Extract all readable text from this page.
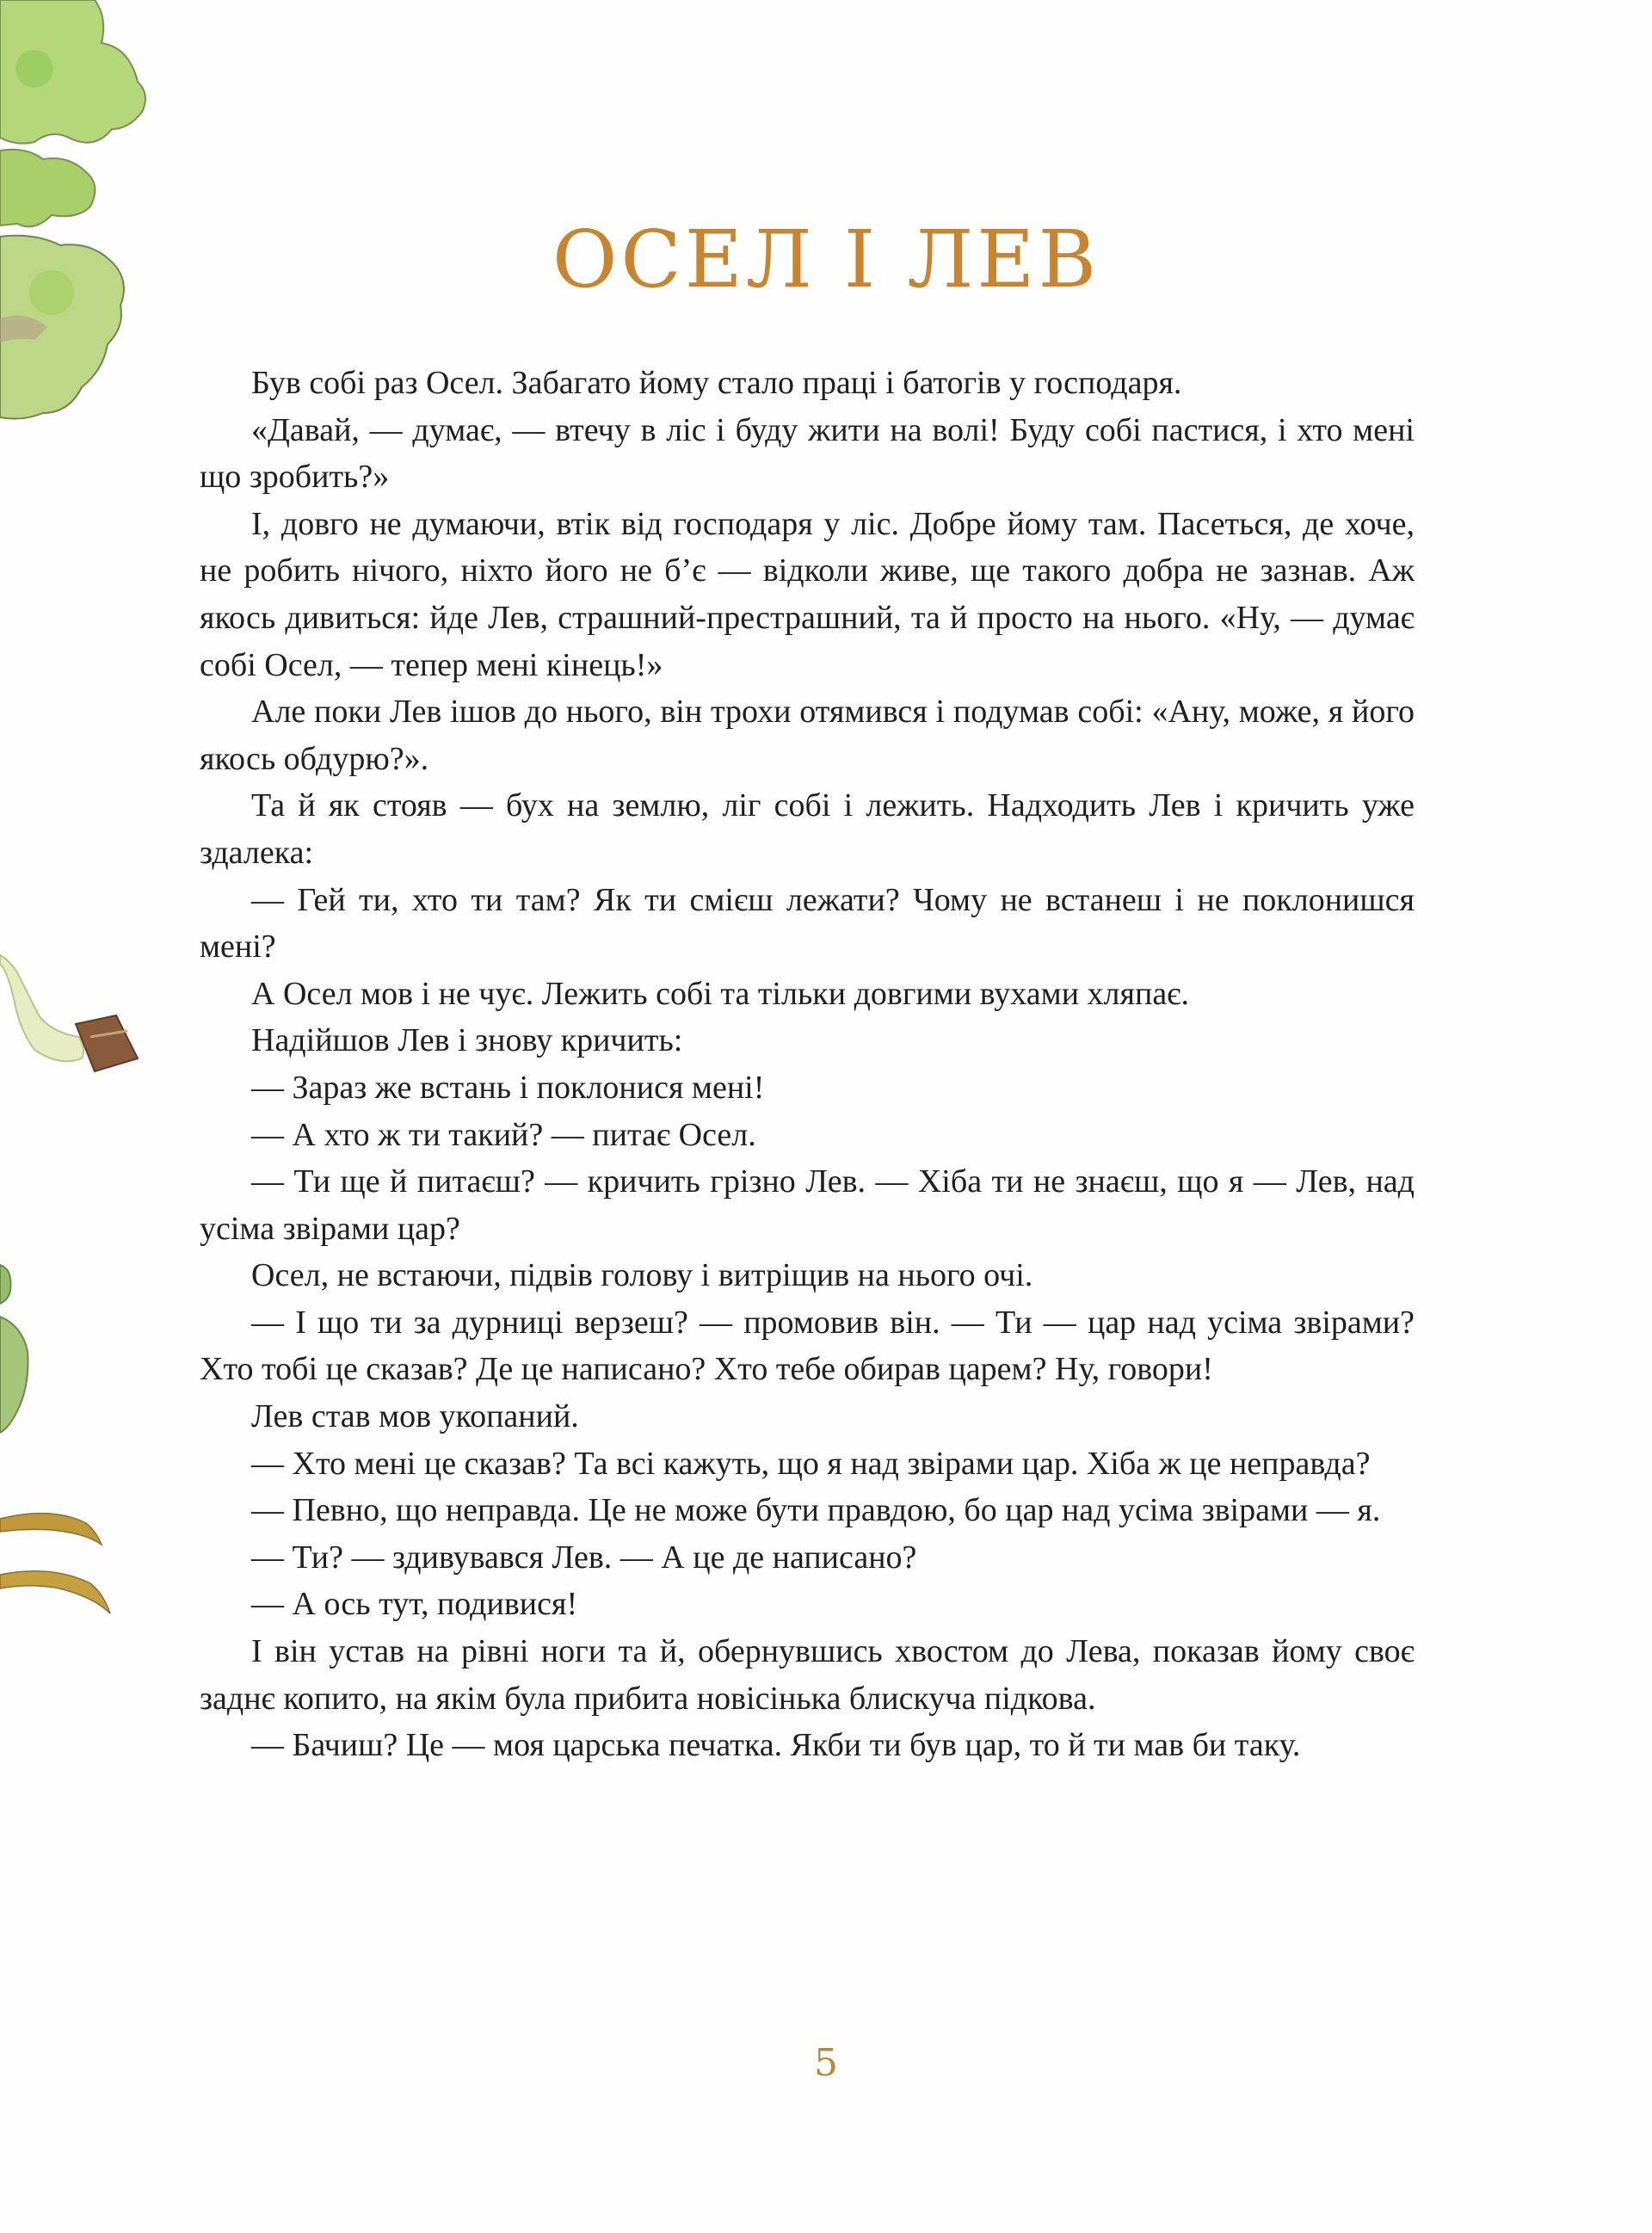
ОСЕЛ І ЛЕВ

Був собі раз Осел. Забагато йому стало праці і батогів у господаря.

«Давай, — думає, — втечу в ліс і буду жити на волі! Буду собі пастися, і хто мені що зробить?»

І, довго не думаючи, втік від господаря у ліс. Добре йому там. Пасеться, де хоче, не робить нічого, ніхто його не б’є — відколи живе, ще такого добра не зазнав. Аж якось дивиться: йде Лев, страшний-престрашний, та й просто на нього. «Ну, — думає собі Осел, — тепер мені кінець!»

Але поки Лев ішов до нього, він трохи отямився і подумав собі: «Ану, може, я його якось обдурю?».

Та й як стояв — бух на землю, ліг собі і лежить. Надходить Лев і кричить уже здалека:

— Гей ти, хто ти там? Як ти смієш лежати? Чому не встанеш і не поклонишся мені?

А Осел мов і не чує. Лежить собі та тільки довгими вухами хляпає.

Надійшов Лев і знову кричить:

— Зараз же встань і поклонися мені!

— А хто ж ти такий? — питає Осел.

— Ти ще й питаєш? — кричить грізно Лев. — Хіба ти не знаєш, що я — Лев, над усіма звірами цар?

Осел, не встаючи, підвів голову і витріщив на нього очі.

— І що ти за дурниці верзеш? — промовив він. — Ти — цар над усіма звірами? Хто тобі це сказав? Де це написано? Хто тебе обирав царем? Ну, говори!

Лев став мов укопаний.

— Хто мені це сказав? Та всі кажуть, що я над звірами цар. Хіба ж це неправда?

— Певно, що неправда. Це не може бути правдою, бо цар над усіма звірами — я.

— Ти? — здивувався Лев. — А це де написано?

— А ось тут, подивися!

І він устав на рівні ноги та й, обернувшись хвостом до Лева, показав йому своє заднє копито, на якім була прибита новісінька блискуча підкова.

— Бачиш? Це — моя царська печатка. Якби ти був цар, то й ти мав би таку.

5
